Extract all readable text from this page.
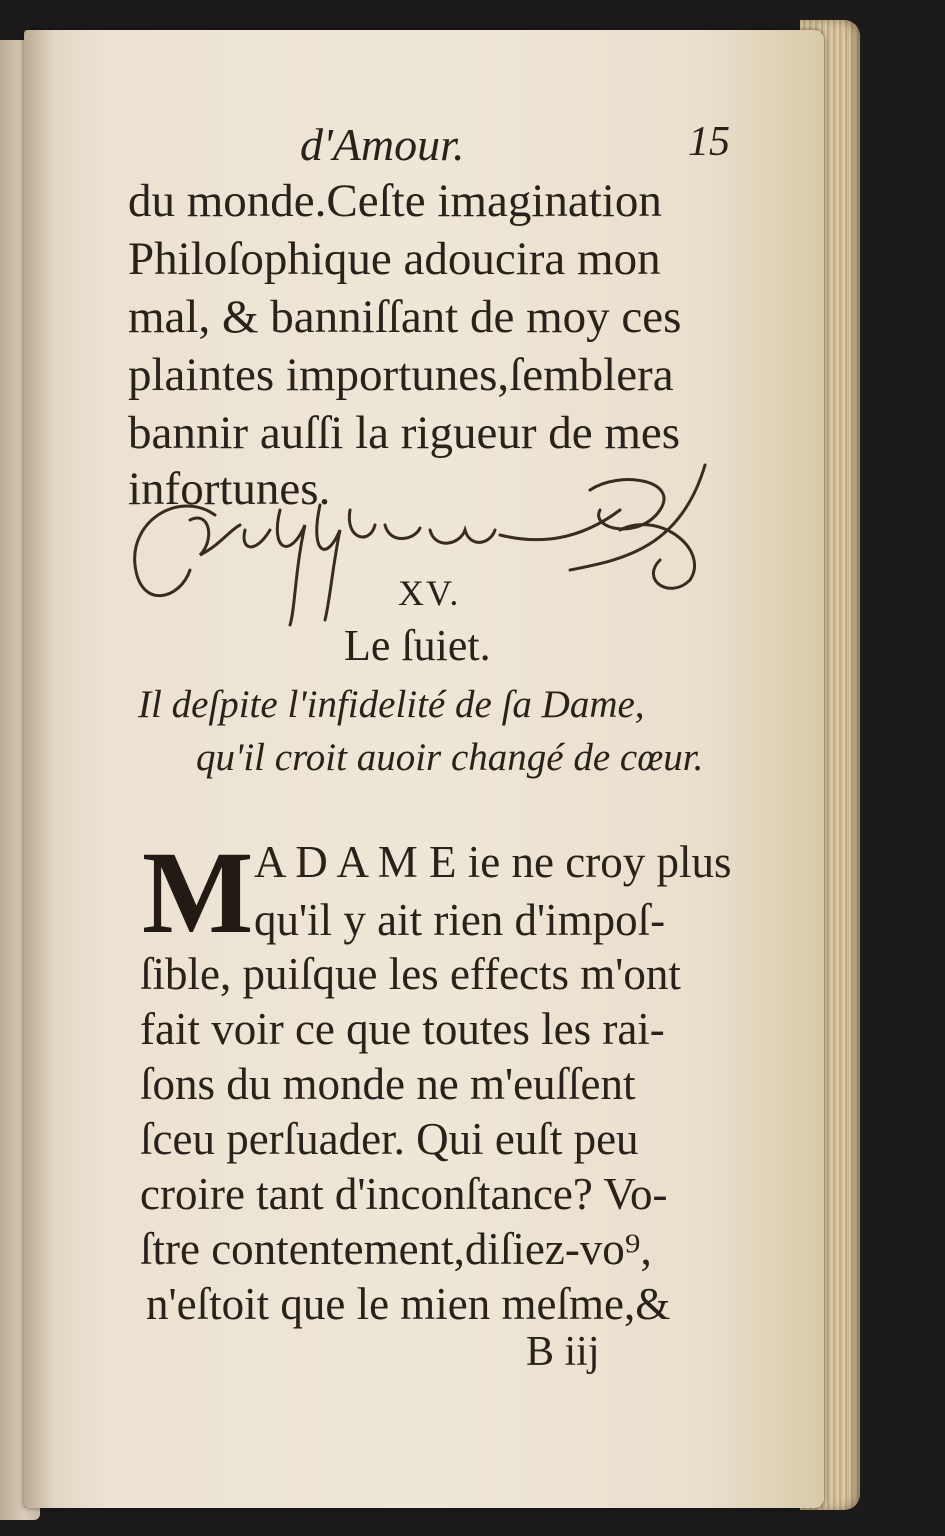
d'Amour.	15
du monde.Ceſte imagination
Philoſophique adoucira mon
mal, & banniſſant de moy ces
plaintes importunes,ſemblera
bannir auſſi la rigueur de mes
infortunes.
XV.
Le ſuiet.
Il deſpite l'infidelité de ſa Dame,
qu'il croit auoir changé de cœur.
M A D A M E ie ne croy plus
qu'il y ait rien d'impoſ-
ſible, puiſque les effects m'ont
fait voir ce que toutes les rai-
ſons du monde ne m'euſſent
ſceu perſuader. Qui euſt peu
croire tant d'inconſtance? Vo-
ſtre contentement,diſiez-vo⁹,
n'eſtoit que le mien meſme,&
B iij
